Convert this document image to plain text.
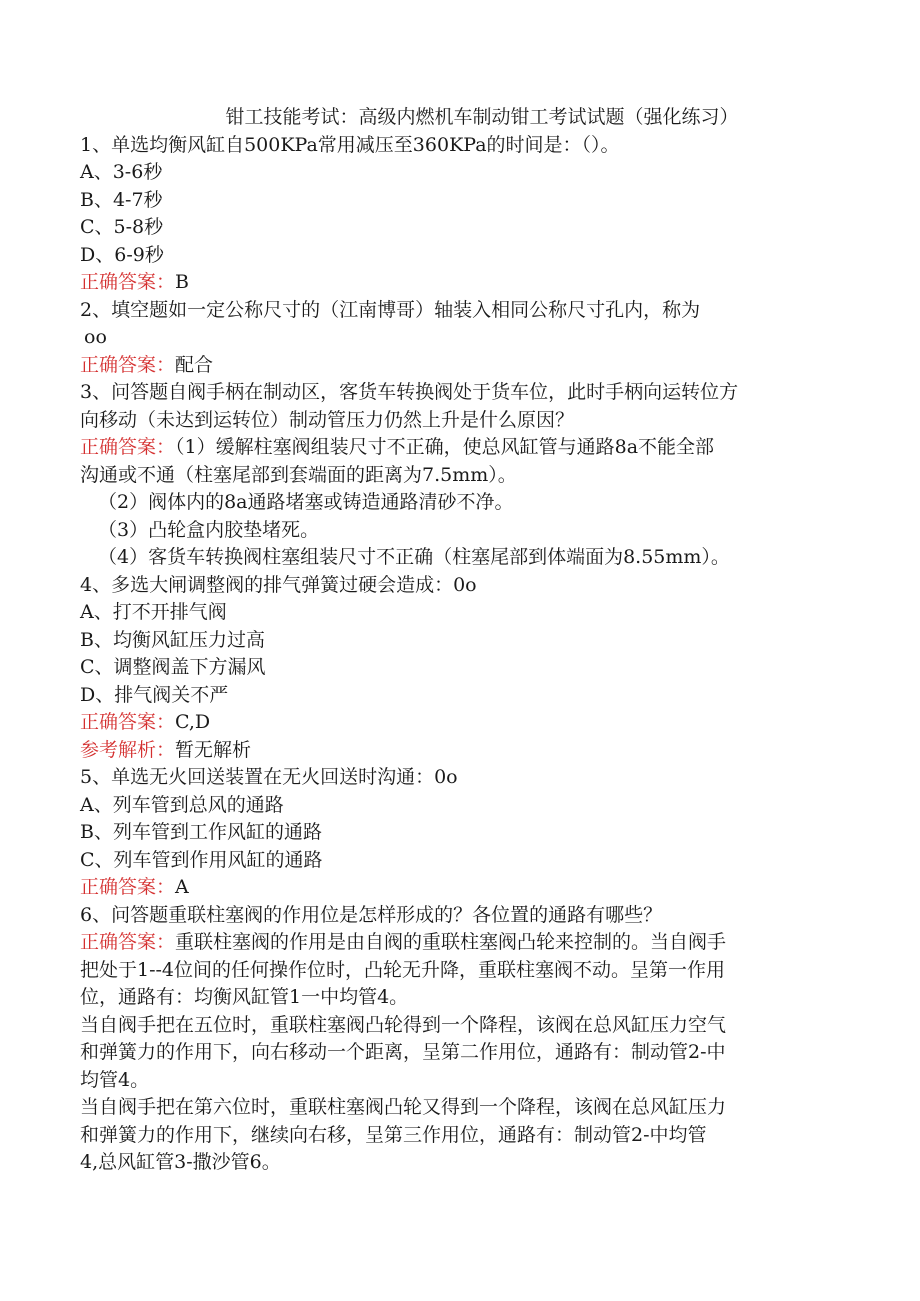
钳工技能考试：高级内燃机车制动钳工考试试题（强化练习）
1、单选均衡风缸自500KPa常用减压至360KPa的时间是：（）。
A、3-6秒
B、4-7秒
C、5-8秒
D、6-9秒
正确答案：B
2、填空题如一定公称尺寸的（江南博哥）轴装入相同公称尺寸孔内，称为
oo
正确答案：配合
3、问答题自阀手柄在制动区，客货车转换阀处于货车位，此时手柄向运转位方
向移动（未达到运转位）制动管压力仍然上升是什么原因？
正确答案：（1）缓解柱塞阀组装尺寸不正确，使总风缸管与通路8a不能全部
沟通或不通（柱塞尾部到套端面的距离为7.5mm）。
（2）阀体内的8a通路堵塞或铸造通路清砂不净。
（3）凸轮盒内胶垫堵死。
（4）客货车转换阀柱塞组装尺寸不正确（柱塞尾部到体端面为8.55mm）。
4、多选大闸调整阀的排气弹簧过硬会造成：0o
A、打不开排气阀
B、均衡风缸压力过高
C、调整阀盖下方漏风
D、排气阀关不严
正确答案：C,D
参考解析：暂无解析
5、单选无火回送装置在无火回送时沟通：0o
A、列车管到总风的通路
B、列车管到工作风缸的通路
C、列车管到作用风缸的通路
正确答案：A
6、问答题重联柱塞阀的作用位是怎样形成的？各位置的通路有哪些？
正确答案：重联柱塞阀的作用是由自阀的重联柱塞阀凸轮来控制的。当自阀手
把处于1--4位间的任何操作位时，凸轮无升降，重联柱塞阀不动。呈第一作用
位，通路有：均衡风缸管1一中均管4。
当自阀手把在五位时，重联柱塞阀凸轮得到一个降程，该阀在总风缸压力空气
和弹簧力的作用下，向右移动一个距离，呈第二作用位，通路有：制动管2-中
均管4。
当自阀手把在第六位时，重联柱塞阀凸轮又得到一个降程，该阀在总风缸压力
和弹簧力的作用下，继续向右移，呈第三作用位，通路有：制动管2-中均管
4,总风缸管3-撒沙管6。
